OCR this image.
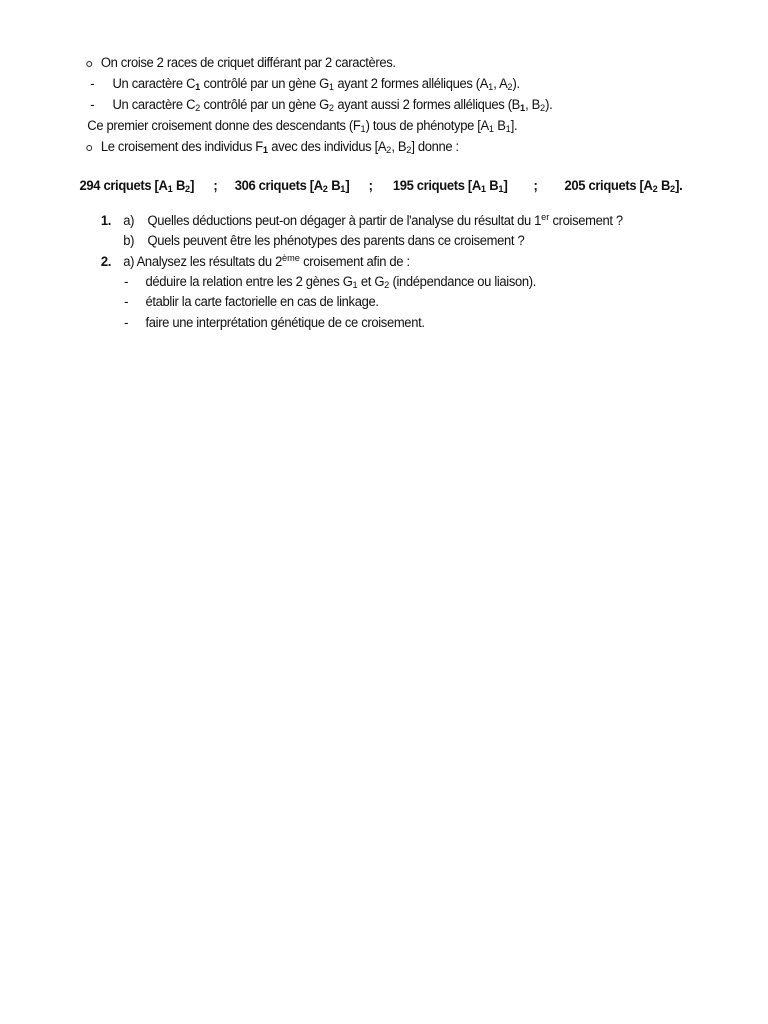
On croise 2 races de criquet différant par 2 caractères.
- Un caractère $C_1$ contrôlé par un gène $G_1$ ayant 2 formes alléliques ($A_1$, $A_2$).
- Un caractère $C_2$ contrôlé par un gène $G_2$ ayant aussi 2 formes alléliques ($B_1$, $B_2$).
Ce premier croisement donne des descendants $(F_1)$ tous de phénotype [$A_1$ $B_1$].
Le croisement des individus $F_1$ avec des individus [$A_2$, $B_2$] donne :
294 criquets [$A_1$ $B_2$] ; 306 criquets [$A_2$ $B_1$] ; 195 criquets [$A_1$ $B_1$] ; 205 criquets [$A_2$ $B_2$].
1. a) Quelles déductions peut-on dégager à partir de l'analyse du résultat du 1er croisement ?
b) Quels peuvent être les phénotypes des parents dans ce croisement ?
2. a) Analysez les résultats du 2ème croisement afin de :
- déduire la relation entre les 2 gènes $G_1$ et $G_2$ (indépendance ou liaison).
- établir la carte factorielle en cas de linkage.
- faire une interprétation génétique de ce croisement.
